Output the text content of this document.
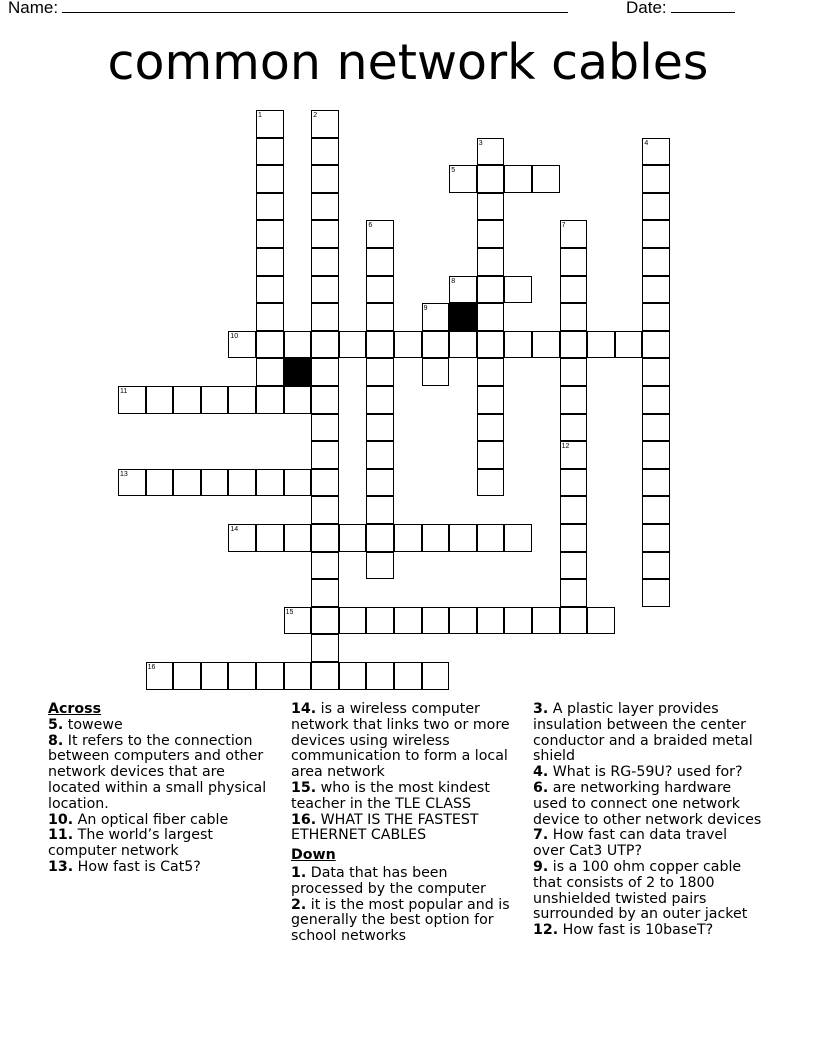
Name:	Date:
common network cables
5
8
10
11
13
14
15
16
1	2
3	4
6	7
12
9
Across
5. towewe
8. It refers to the connection between computers and other network devices that are located within a small physical location.
10. An optical fiber cable
11. The world’s largest computer network
13. How fast is Cat5?
14. is a wireless computer network that links two or more devices using wireless communication to form a local area network
15. who is the most kindest teacher in the TLE CLASS
16. WHAT IS THE FASTEST ETHERNET CABLES
Down
1. Data that has been processed by the computer
2. it is the most popular and is generally the best option for school networks
3. A plastic layer provides insulation between the center conductor and a braided metal shield
4. What is RG-59U? used for?
6. are networking hardware used to connect one network device to other network devices
7. How fast can data travel over Cat3 UTP?
9. is a 100 ohm copper cable that consists of 2 to 1800 unshielded twisted pairs surrounded by an outer jacket
12. How fast is 10baseT?
